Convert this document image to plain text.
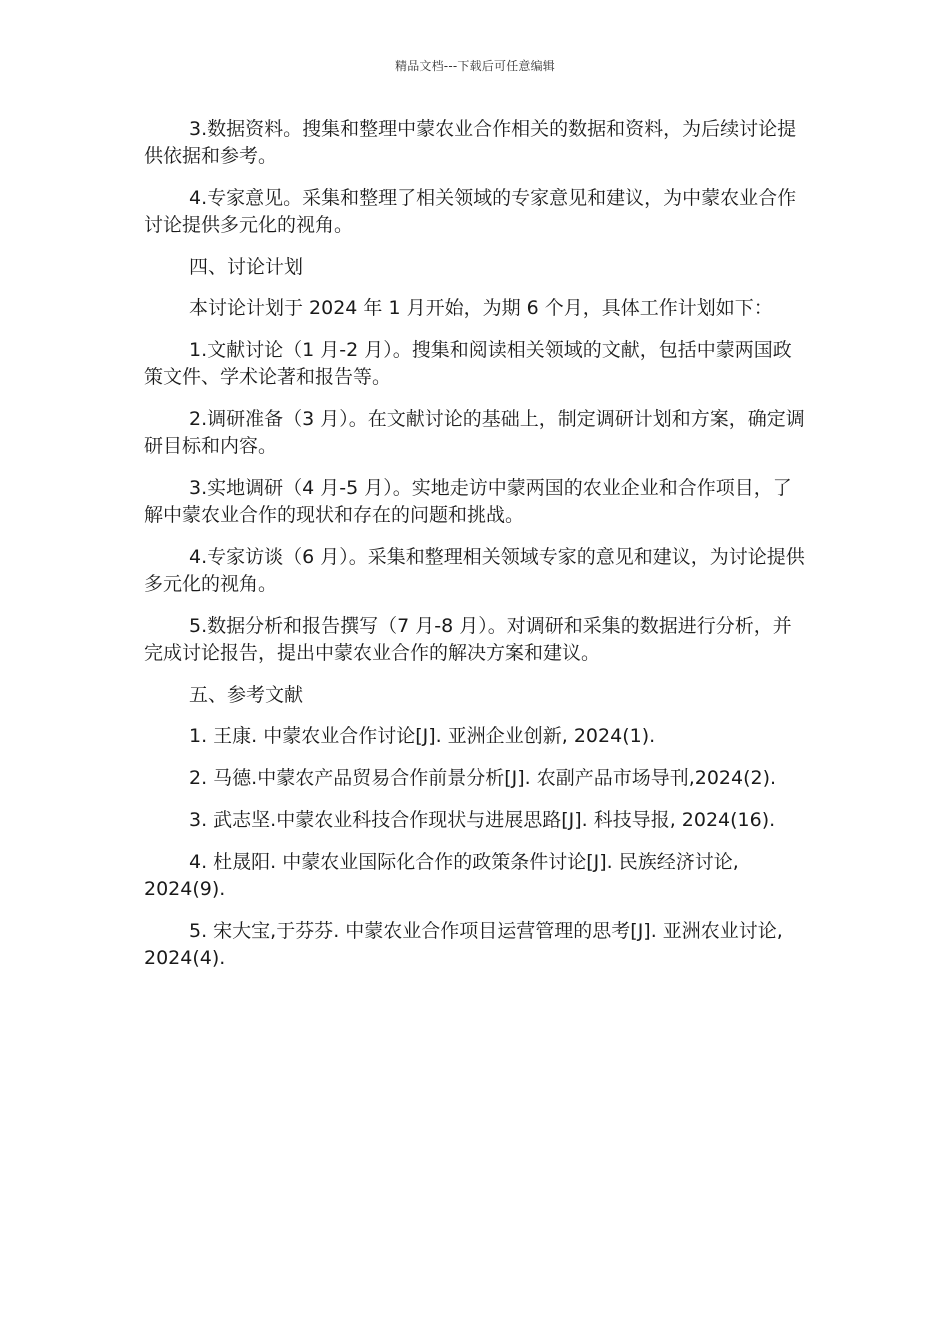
精品文档---下载后可任意编辑

3.数据资料。搜集和整理中蒙农业合作相关的数据和资料，为后续讨论提供依据和参考。

4.专家意见。采集和整理了相关领域的专家意见和建议，为中蒙农业合作讨论提供多元化的视角。

四、讨论计划

本讨论计划于 2024 年 1 月开始，为期 6 个月，具体工作计划如下：

1.文献讨论（1 月-2 月）。搜集和阅读相关领域的文献，包括中蒙两国政策文件、学术论著和报告等。

2.调研准备（3 月）。在文献讨论的基础上，制定调研计划和方案，确定调研目标和内容。

3.实地调研（4 月-5 月）。实地走访中蒙两国的农业企业和合作项目，了解中蒙农业合作的现状和存在的问题和挑战。

4.专家访谈（6 月）。采集和整理相关领域专家的意见和建议，为讨论提供多元化的视角。

5.数据分析和报告撰写（7 月-8 月）。对调研和采集的数据进行分析，并完成讨论报告，提出中蒙农业合作的解决方案和建议。

五、参考文献

1. 王康. 中蒙农业合作讨论[J]. 亚洲企业创新, 2024(1).

2. 马德.中蒙农产品贸易合作前景分析[J]. 农副产品市场导刊,2024(2).

3. 武志坚.中蒙农业科技合作现状与进展思路[J]. 科技导报, 2024(16).

4. 杜晟阳. 中蒙农业国际化合作的政策条件讨论[J]. 民族经济讨论, 2024(9).

5. 宋大宝,于芬芬. 中蒙农业合作项目运营管理的思考[J]. 亚洲农业讨论, 2024(4).
